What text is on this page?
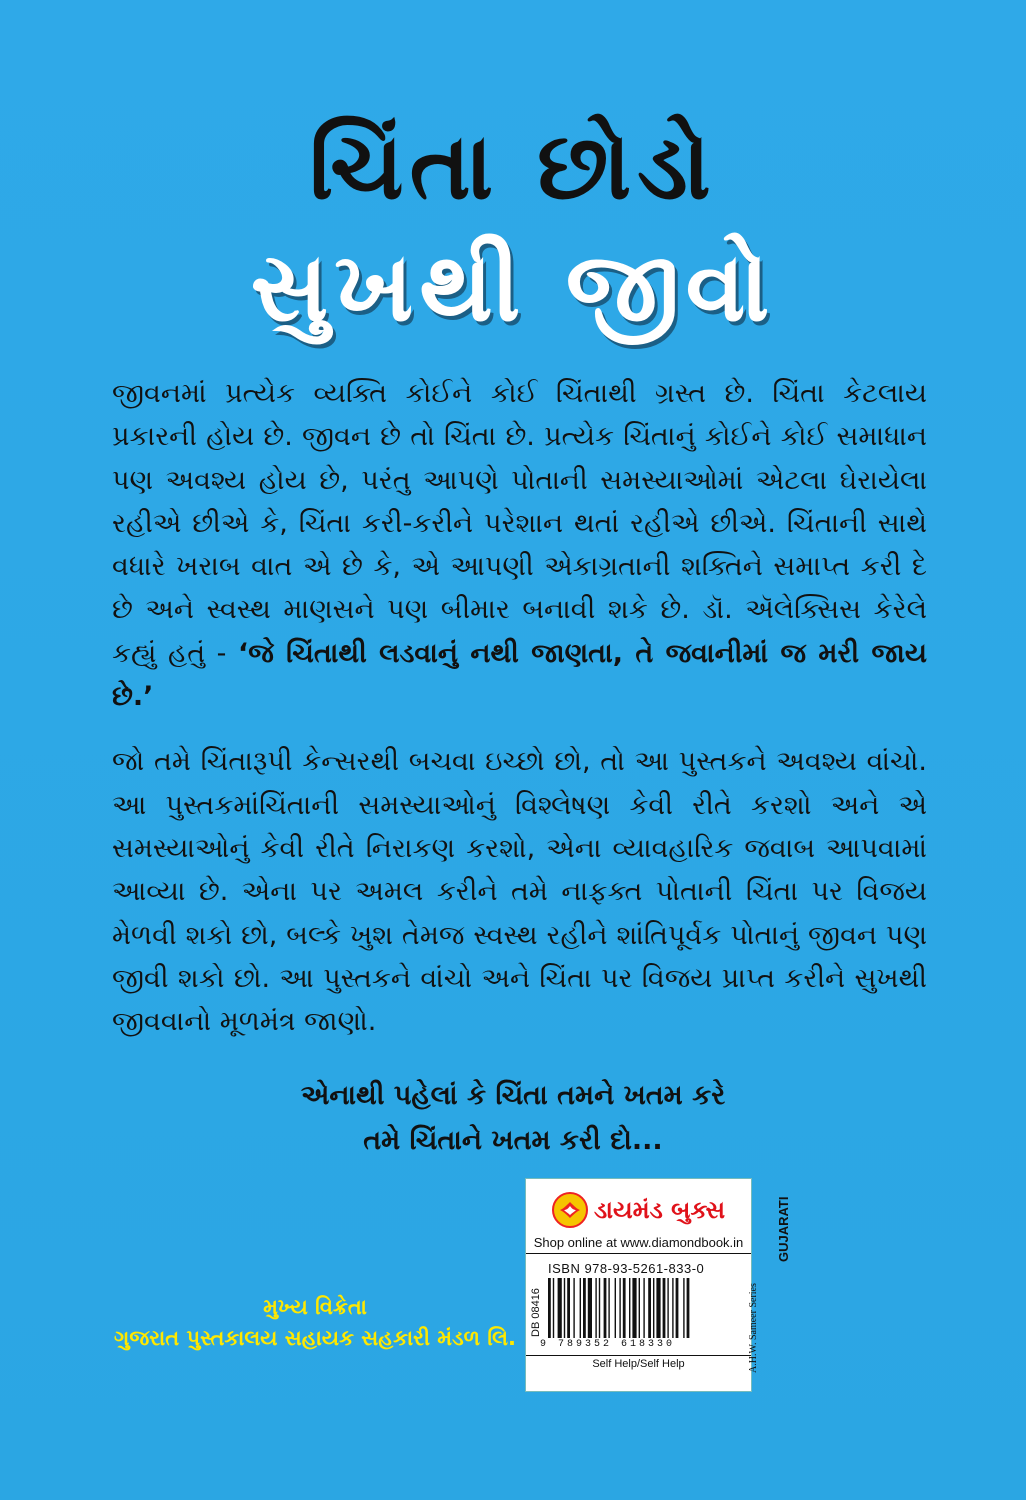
ચિંતા છોડો
સુખથી જીવો

જીવનમાં પ્રત્યેક વ્યક્તિ કોઈને કોઈ ચિંતાથી ગ્રસ્ત છે. ચિંતા કેટલાય પ્રકારની હોય છે. જીવન છે તો ચિંતા છે. પ્રત્યેક ચિંતાનું કોઈને કોઈ સમાધાન પણ અવશ્ય હોય છે, પરંતુ આપણે પોતાની સમસ્યાઓમાં એટલા ઘેરાયેલા રહીએ છીએ કે, ચિંતા કરી-કરીને પરેશાન થતાં રહીએ છીએ. ચિંતાની સાથે વધારે ખરાબ વાત એ છે કે, એ આપણી એકાગ્રતાની શક્તિને સમાપ્ત કરી દે છે અને સ્વસ્થ માણસને પણ બીમાર બનાવી શકે છે. ડૉ. ઍલેક્સિસ કેરેલે કહ્યું હતું - ‘જે ચિંતાથી લડવાનું નથી જાણતા, તે જવાનીમાં જ મરી જાય છે.’

જો તમે ચિંતારૂપી કેન્સરથી બચવા ઇચ્છો છો, તો આ પુસ્તકને અવશ્ય વાંચો. આ પુસ્તકમાંચિંતાની સમસ્યાઓનું વિશ્લેષણ કેવી રીતે કરશો અને એ સમસ્યાઓનું કેવી રીતે નિરાકણ કરશો, એના વ્યાવહારિક જવાબ આપવામાં આવ્યા છે. એના પર અમલ કરીને તમે નાફક્ત પોતાની ચિંતા પર વિજય મેળવી શકો છો, બલ્કે ખુશ તેમજ સ્વસ્થ રહીને શાંતિપૂર્વક પોતાનું જીવન પણ જીવી શકો છો. આ પુસ્તકને વાંચો અને ચિંતા પર વિજય પ્રાપ્ત કરીને સુખથી જીવવાનો મૂળમંત્ર જાણો.

એનાથી પહેલાં કે ચિંતા તમને ખતમ કરે
તમે ચિંતાને ખતમ કરી દો...
મુખ્ય વિક્રેતા
ગુજરાત પુસ્તકાલય સહાયક સહકારી મંડળ લિ.
ડાયમંડ બુક્સ
Shop online at www.diamondbook.in
ISBN 978-93-5261-833-0
DB 08416
9 789352 618330
Self Help/Self Help	A.H.W. Sameer Series
GUJARATI
